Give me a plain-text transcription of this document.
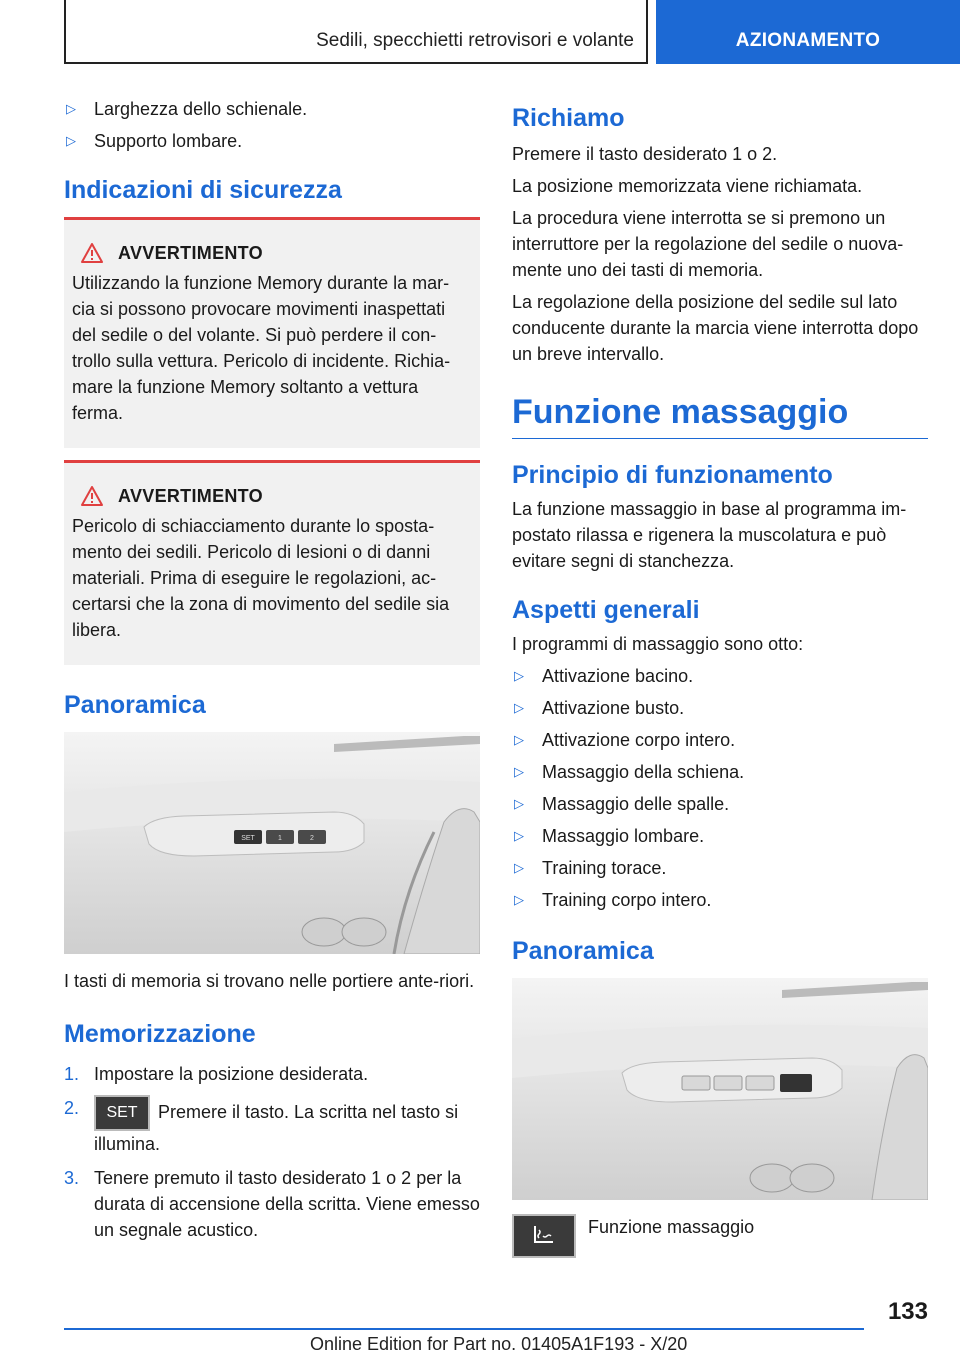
Sedili, specchietti retrovisori e volante	AZIONAMENTO
▷ Larghezza dello schienale.
▷ Supporto lombare.
Indicazioni di sicurezza
AVVERTIMENTO
Utilizzando la funzione Memory durante la mar-cia si possono provocare movimenti inaspettati del sedile o del volante. Si può perdere il con-trollo sulla vettura. Pericolo di incidente. Richia-mare la funzione Memory soltanto a vettura ferma.
AVVERTIMENTO
Pericolo di schiacciamento durante lo sposta-mento dei sedili. Pericolo di lesioni o di danni materiali. Prima di eseguire le regolazioni, ac-certarsi che la zona di movimento del sedile sia libera.
Panoramica
SET	1	2
I tasti di memoria si trovano nelle portiere ante-riori.
Memorizzazione
1. Impostare la posizione desiderata.
2. SET Premere il tasto. La scritta nel tasto si illumina.
3. Tenere premuto il tasto desiderato 1 o 2 per la durata di accensione della scritta. Viene emesso un segnale acustico.
Richiamo
Premere il tasto desiderato 1 o 2.
La posizione memorizzata viene richiamata.
La procedura viene interrotta se si premono un interruttore per la regolazione del sedile o nuova-mente uno dei tasti di memoria.
La regolazione della posizione del sedile sul lato conducente durante la marcia viene interrotta dopo un breve intervallo.
Funzione massaggio
Principio di funzionamento
La funzione massaggio in base al programma im-postato rilassa e rigenera la muscolatura e può evitare segni di stanchezza.
Aspetti generali
I programmi di massaggio sono otto:
▷ Attivazione bacino.
▷ Attivazione busto.
▷ Attivazione corpo intero.
▷ Massaggio della schiena.
▷ Massaggio delle spalle.
▷ Massaggio lombare.
▷ Training torace.
▷ Training corpo intero.
Panoramica
Funzione massaggio
133
Online Edition for Part no. 01405A1F193 - X/20
